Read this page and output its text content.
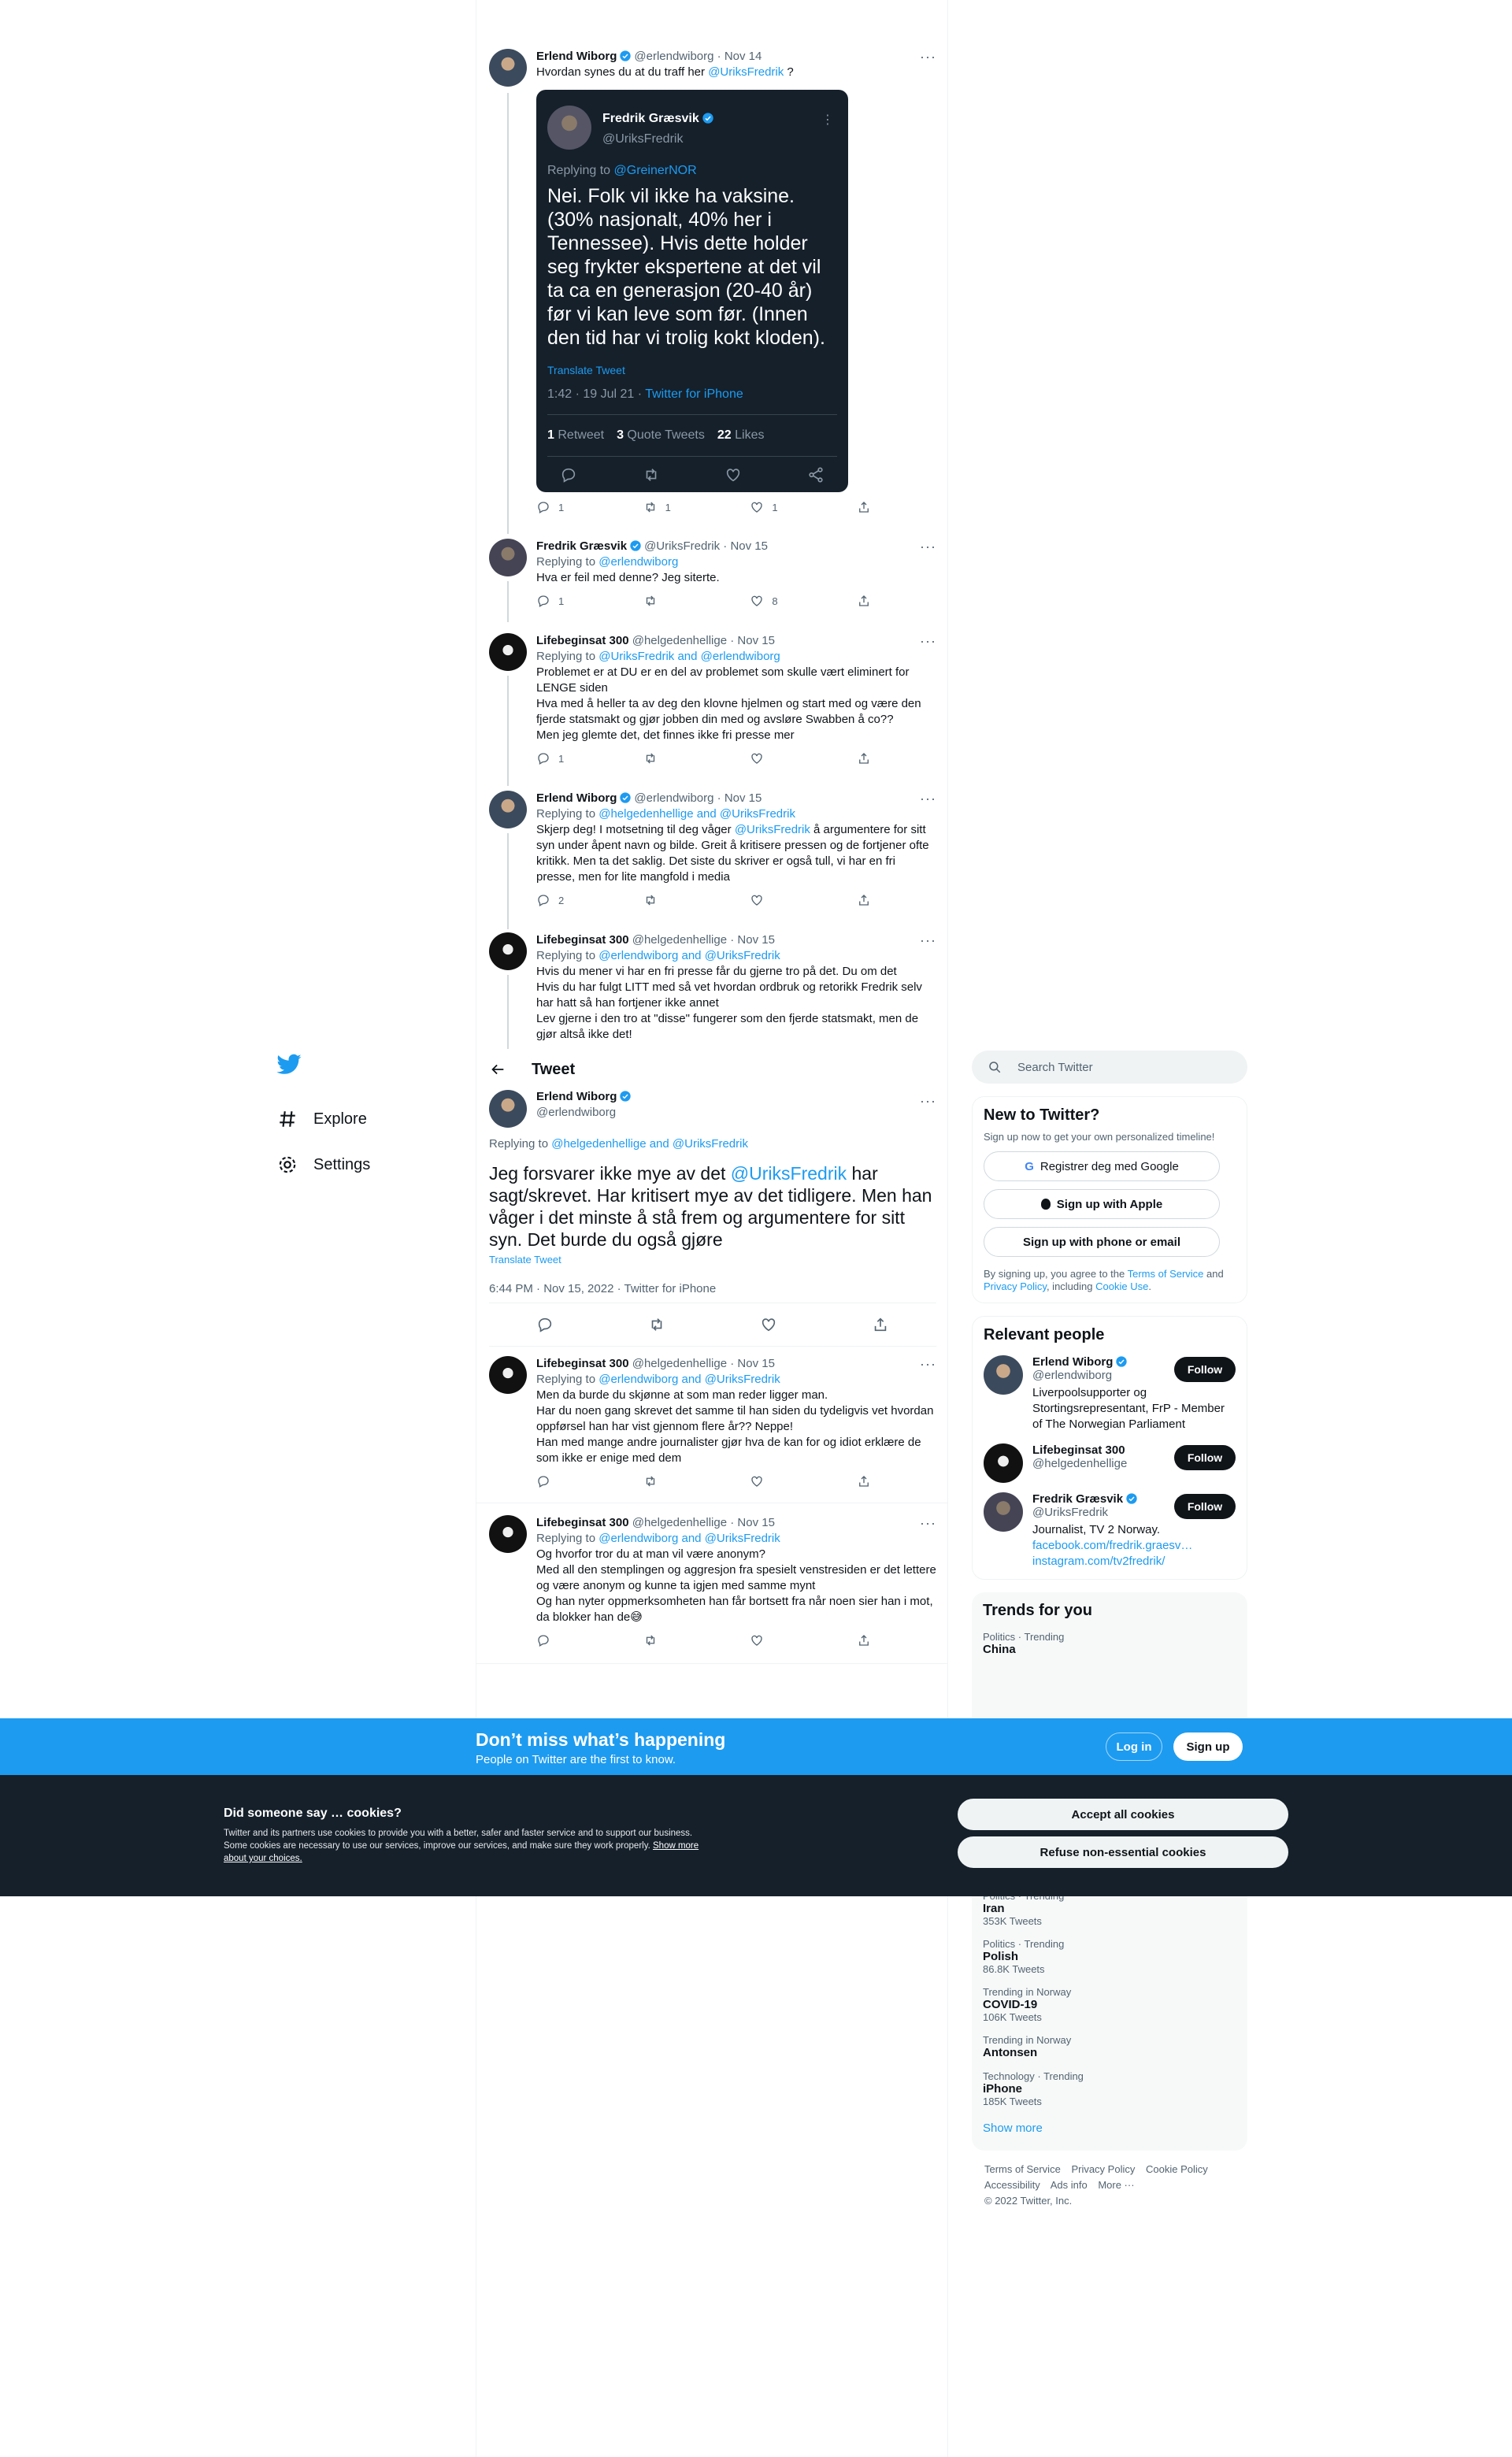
Explore
Settings
···
Erlend Wiborg @erlendwiborg · Nov 14
Hvordan synes du at du traff her @UriksFredrik ?
Fredrik Græsvik
@UriksFredrik
⋮
Replying to @GreinerNOR
Nei. Folk vil ikke ha vaksine. (30% nasjonalt, 40% her i Tennessee). Hvis dette holder seg frykter ekspertene at det vil ta ca en generasjon (20-40 år) før vi kan leve som før. (Innen den tid har vi trolig kokt kloden).
Translate Tweet
1:42 · 19 Jul 21 · Twitter for iPhone
1 Retweet 3 Quote Tweets 22 Likes
1	1	1
···
Fredrik Græsvik @UriksFredrik · Nov 15
Replying to @erlendwiborg
Hva er feil med denne? Jeg siterte.
1	8
···
Lifebeginsat 300 @helgedenhellige · Nov 15
Replying to @UriksFredrik and @erlendwiborg
Problemet er at DU er en del av problemet som skulle vært eliminert for LENGE siden
Hva med å heller ta av deg den klovne hjelmen og start med og være den fjerde statsmakt og gjør jobben din med og avsløre Swabben å co??
Men jeg glemte det, det finnes ikke fri presse mer
1
···
Erlend Wiborg @erlendwiborg · Nov 15
Replying to @helgedenhellige and @UriksFredrik
Skjerp deg! I motsetning til deg våger @UriksFredrik å argumentere for sitt syn under åpent navn og bilde. Greit å kritisere pressen og de fortjener ofte kritikk. Men ta det saklig. Det siste du skriver er også tull, vi har en fri presse, men for lite mangfold i media
2
···
Lifebeginsat 300 @helgedenhellige · Nov 15
Replying to @erlendwiborg and @UriksFredrik
Hvis du mener vi har en fri presse får du gjerne tro på det. Du om det
Hvis du har fulgt LITT med så vet hvordan ordbruk og retorikk Fredrik selv har hatt så han fortjener ikke annet
Lev gjerne i den tro at "disse" fungerer som den fjerde statsmakt, men de gjør altså ikke det!
Tweet
···
Erlend Wiborg
@erlendwiborg
Replying to @helgedenhellige and @UriksFredrik
Jeg forsvarer ikke mye av det @UriksFredrik har sagt/skrevet. Har kritisert mye av det tidligere. Men han våger i det minste å stå frem og argumentere for sitt syn. Det burde du også gjøre
Translate Tweet
6:44 PM · Nov 15, 2022 · Twitter for iPhone
···
Lifebeginsat 300 @helgedenhellige · Nov 15
Replying to @erlendwiborg and @UriksFredrik
Men da burde du skjønne at som man reder ligger man.
Har du noen gang skrevet det samme til han siden du tydeligvis vet hvordan oppførsel han har vist gjennom flere år?? Neppe!
Han med mange andre journalister gjør hva de kan for og idiot erklære de som ikke er enige med dem
···
Lifebeginsat 300 @helgedenhellige · Nov 15
Replying to @erlendwiborg and @UriksFredrik
Og hvorfor tror du at man vil være anonym?
Med all den stemplingen og aggresjon fra spesielt venstresiden er det lettere og være anonym og kunne ta igjen med samme mynt
Og han nyter oppmerksomheten han får bortsett fra når noen sier han i mot, da blokker han de😅
Search Twitter
New to Twitter?
Sign up now to get your own personalized timeline!
G Registrer deg med Google
Sign up with Apple
Sign up with phone or email
By signing up, you agree to the Terms of Service and Privacy Policy, including Cookie Use.
Relevant people
Erlend Wiborg
@erlendwiborg
Liverpoolsupporter og Stortingsrepresentant, FrP - Member of The Norwegian Parliament
Follow
Lifebeginsat 300
@helgedenhellige	Follow
Fredrik Græsvik
@UriksFredrik
Journalist, TV 2 Norway.
facebook.com/fredrik.graesv…
instagram.com/tv2fredrik/
Follow
Trends for you
Politics · Trending
China
Iran
353K Tweets
Politics · Trending
Polish
86.8K Tweets
Trending in Norway
COVID-19
106K Tweets
Trending in Norway
Antonsen
Technology · Trending
iPhone
185K Tweets
Show more
Terms of Service Privacy Policy Cookie Policy
Accessibility Ads info More ···
© 2022 Twitter, Inc.
Don’t miss what’s happening
People on Twitter are the first to know.
Log in	Sign up
Did someone say … cookies?
Twitter and its partners use cookies to provide you with a better, safer and faster service and to support our business. Some cookies are necessary to use our services, improve our services, and make sure they work properly. Show more about your choices.
Accept all cookies
Refuse non-essential cookies
